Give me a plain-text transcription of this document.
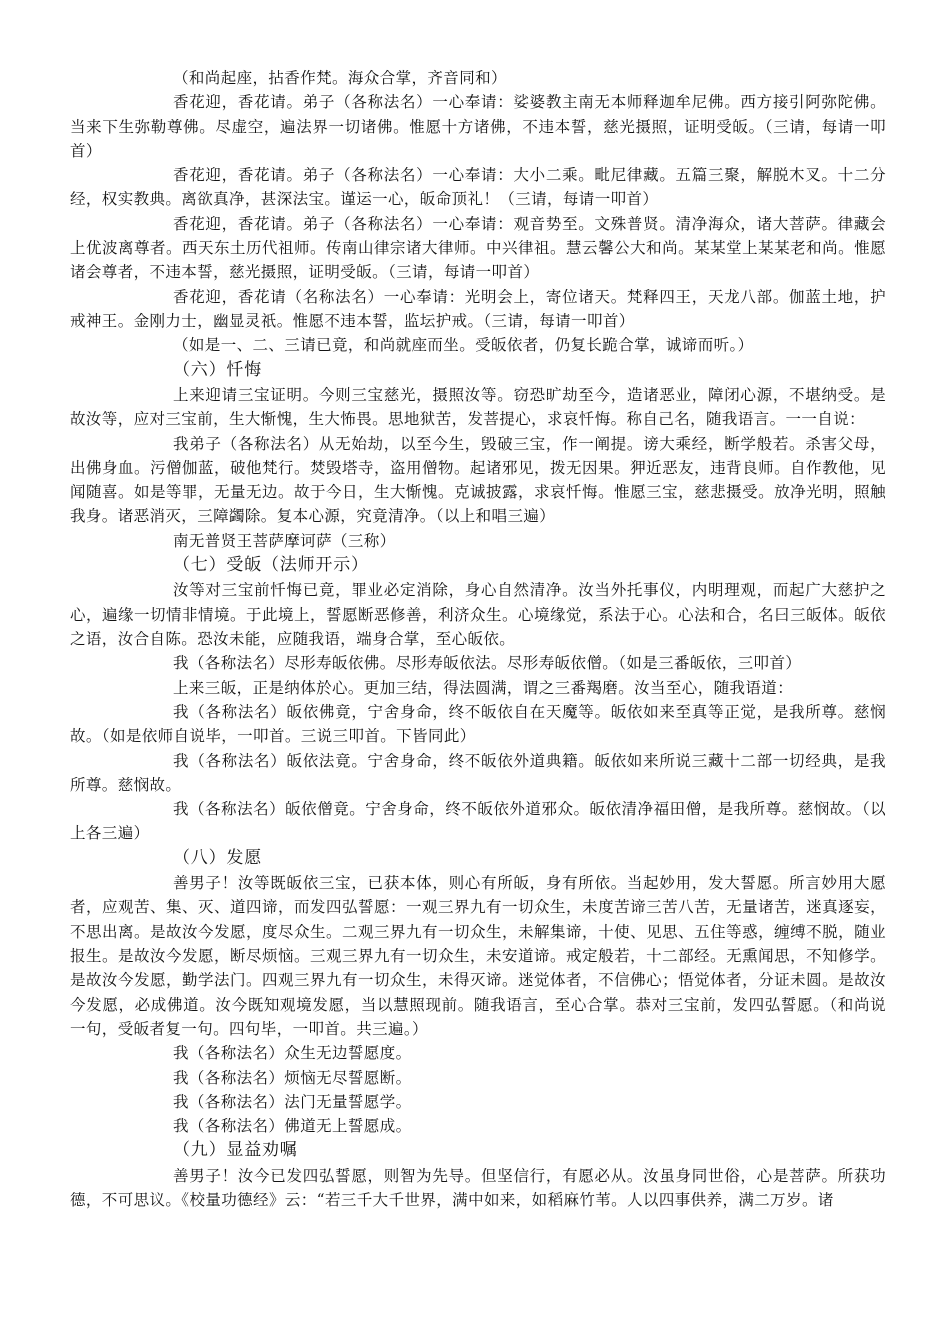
（和尚起座，拈香作梵。海众合掌，齐音同和）
香花迎，香花请。弟子（各称法名）一心奉请：娑婆教主南无本师释迦牟尼佛。西方接引阿弥陀佛。当来下生弥勒尊佛。尽虚空，遍法界一切诸佛。惟愿十方诸佛，不违本誓，慈光摄照，证明受皈。（三请，每请一叩首）
香花迎，香花请。弟子（各称法名）一心奉请：大小二乘。毗尼律藏。五篇三聚，解脱木叉。十二分经，权实教典。离欲真净，甚深法宝。谨运一心，皈命顶礼！（三请，每请一叩首）
香花迎，香花请。弟子（各称法名）一心奉请：观音势至。文殊普贤。清净海众，诸大菩萨。律藏会上优波离尊者。西天东土历代祖师。传南山律宗诸大律师。中兴律祖。慧云馨公大和尚。某某堂上某某老和尚。惟愿诸会尊者，不违本誓，慈光摄照，证明受皈。（三请，每请一叩首）
香花迎，香花请（名称法名）一心奉请：光明会上，寄位诸天。梵释四王，天龙八部。伽蓝土地，护戒神王。金刚力士，幽显灵祇。惟愿不违本誓，监坛护戒。（三请，每请一叩首）
（如是一、二、三请已竟，和尚就座而坐。受皈依者，仍复长跪合掌，诚谛而听。）
（六）忏悔
上来迎请三宝证明。今则三宝慈光，摄照汝等。窃恐旷劫至今，造诸恶业，障闭心源，不堪纳受。是故汝等，应对三宝前，生大惭愧，生大怖畏。思地狱苦，发菩提心，求哀忏悔。称自己名，随我语言。一一自说：
我弟子（各称法名）从无始劫，以至今生，毁破三宝，作一阐提。谤大乘经，断学般若。杀害父母，出佛身血。污僧伽蓝，破他梵行。焚毁塔寺，盗用僧物。起诸邪见，拨无因果。狎近恶友，违背良师。自作教他，见闻随喜。如是等罪，无量无边。故于今日，生大惭愧。克诚披露，求哀忏悔。惟愿三宝，慈悲摄受。放净光明，照触我身。诸恶消灭，三障蠲除。复本心源，究竟清净。（以上和唱三遍）
南无普贤王菩萨摩诃萨（三称）
（七）受皈（法师开示）
汝等对三宝前忏悔已竟，罪业必定消除，身心自然清净。汝当外托事仪，内明理观，而起广大慈护之心，遍缘一切情非情境。于此境上，誓愿断恶修善，利济众生。心境缘觉，系法于心。心法和合，名曰三皈体。皈依之语，汝合自陈。恐汝未能，应随我语，端身合掌，至心皈依。
我（各称法名）尽形寿皈依佛。尽形寿皈依法。尽形寿皈依僧。（如是三番皈依，三叩首）
上来三皈，正是纳体於心。更加三结，得法圆满，谓之三番羯磨。汝当至心，随我语道：
我（各称法名）皈依佛竟，宁舍身命，终不皈依自在天魔等。皈依如来至真等正觉，是我所尊。慈悯故。（如是依师自说毕，一叩首。三说三叩首。下皆同此）
我（各称法名）皈依法竟。宁舍身命，终不皈依外道典籍。皈依如来所说三藏十二部一切经典，是我所尊。慈悯故。
我（各称法名）皈依僧竟。宁舍身命，终不皈依外道邪众。皈依清净福田僧，是我所尊。慈悯故。（以上各三遍）
（八）发愿
善男子！汝等既皈依三宝，已获本体，则心有所皈，身有所依。当起妙用，发大誓愿。所言妙用大愿者，应观苦、集、灭、道四谛，而发四弘誓愿：一观三界九有一切众生，未度苦谛三苦八苦，无量诸苦，迷真逐妄，不思出离。是故汝今发愿，度尽众生。二观三界九有一切众生，未解集谛，十使、见思、五住等惑，缠缚不脱，随业报生。是故汝今发愿，断尽烦恼。三观三界九有一切众生，未安道谛。戒定般若，十二部经。无熏闻思，不知修学。是故汝今发愿，勤学法门。四观三界九有一切众生，未得灭谛。迷觉体者，不信佛心；悟觉体者，分证未圆。是故汝今发愿，必成佛道。汝今既知观境发愿，当以慧照现前。随我语言，至心合掌。恭对三宝前，发四弘誓愿。（和尚说一句，受皈者复一句。四句毕，一叩首。共三遍。）
我（各称法名）众生无边誓愿度。
我（各称法名）烦恼无尽誓愿断。
我（各称法名）法门无量誓愿学。
我（各称法名）佛道无上誓愿成。
（九）显益劝嘱
善男子！汝今已发四弘誓愿，则智为先导。但坚信行，有愿必从。汝虽身同世俗，心是菩萨。所获功德，不可思议。《校量功德经》云：“若三千大千世界，满中如来，如稻麻竹苇。人以四事供养，满二万岁。诸
